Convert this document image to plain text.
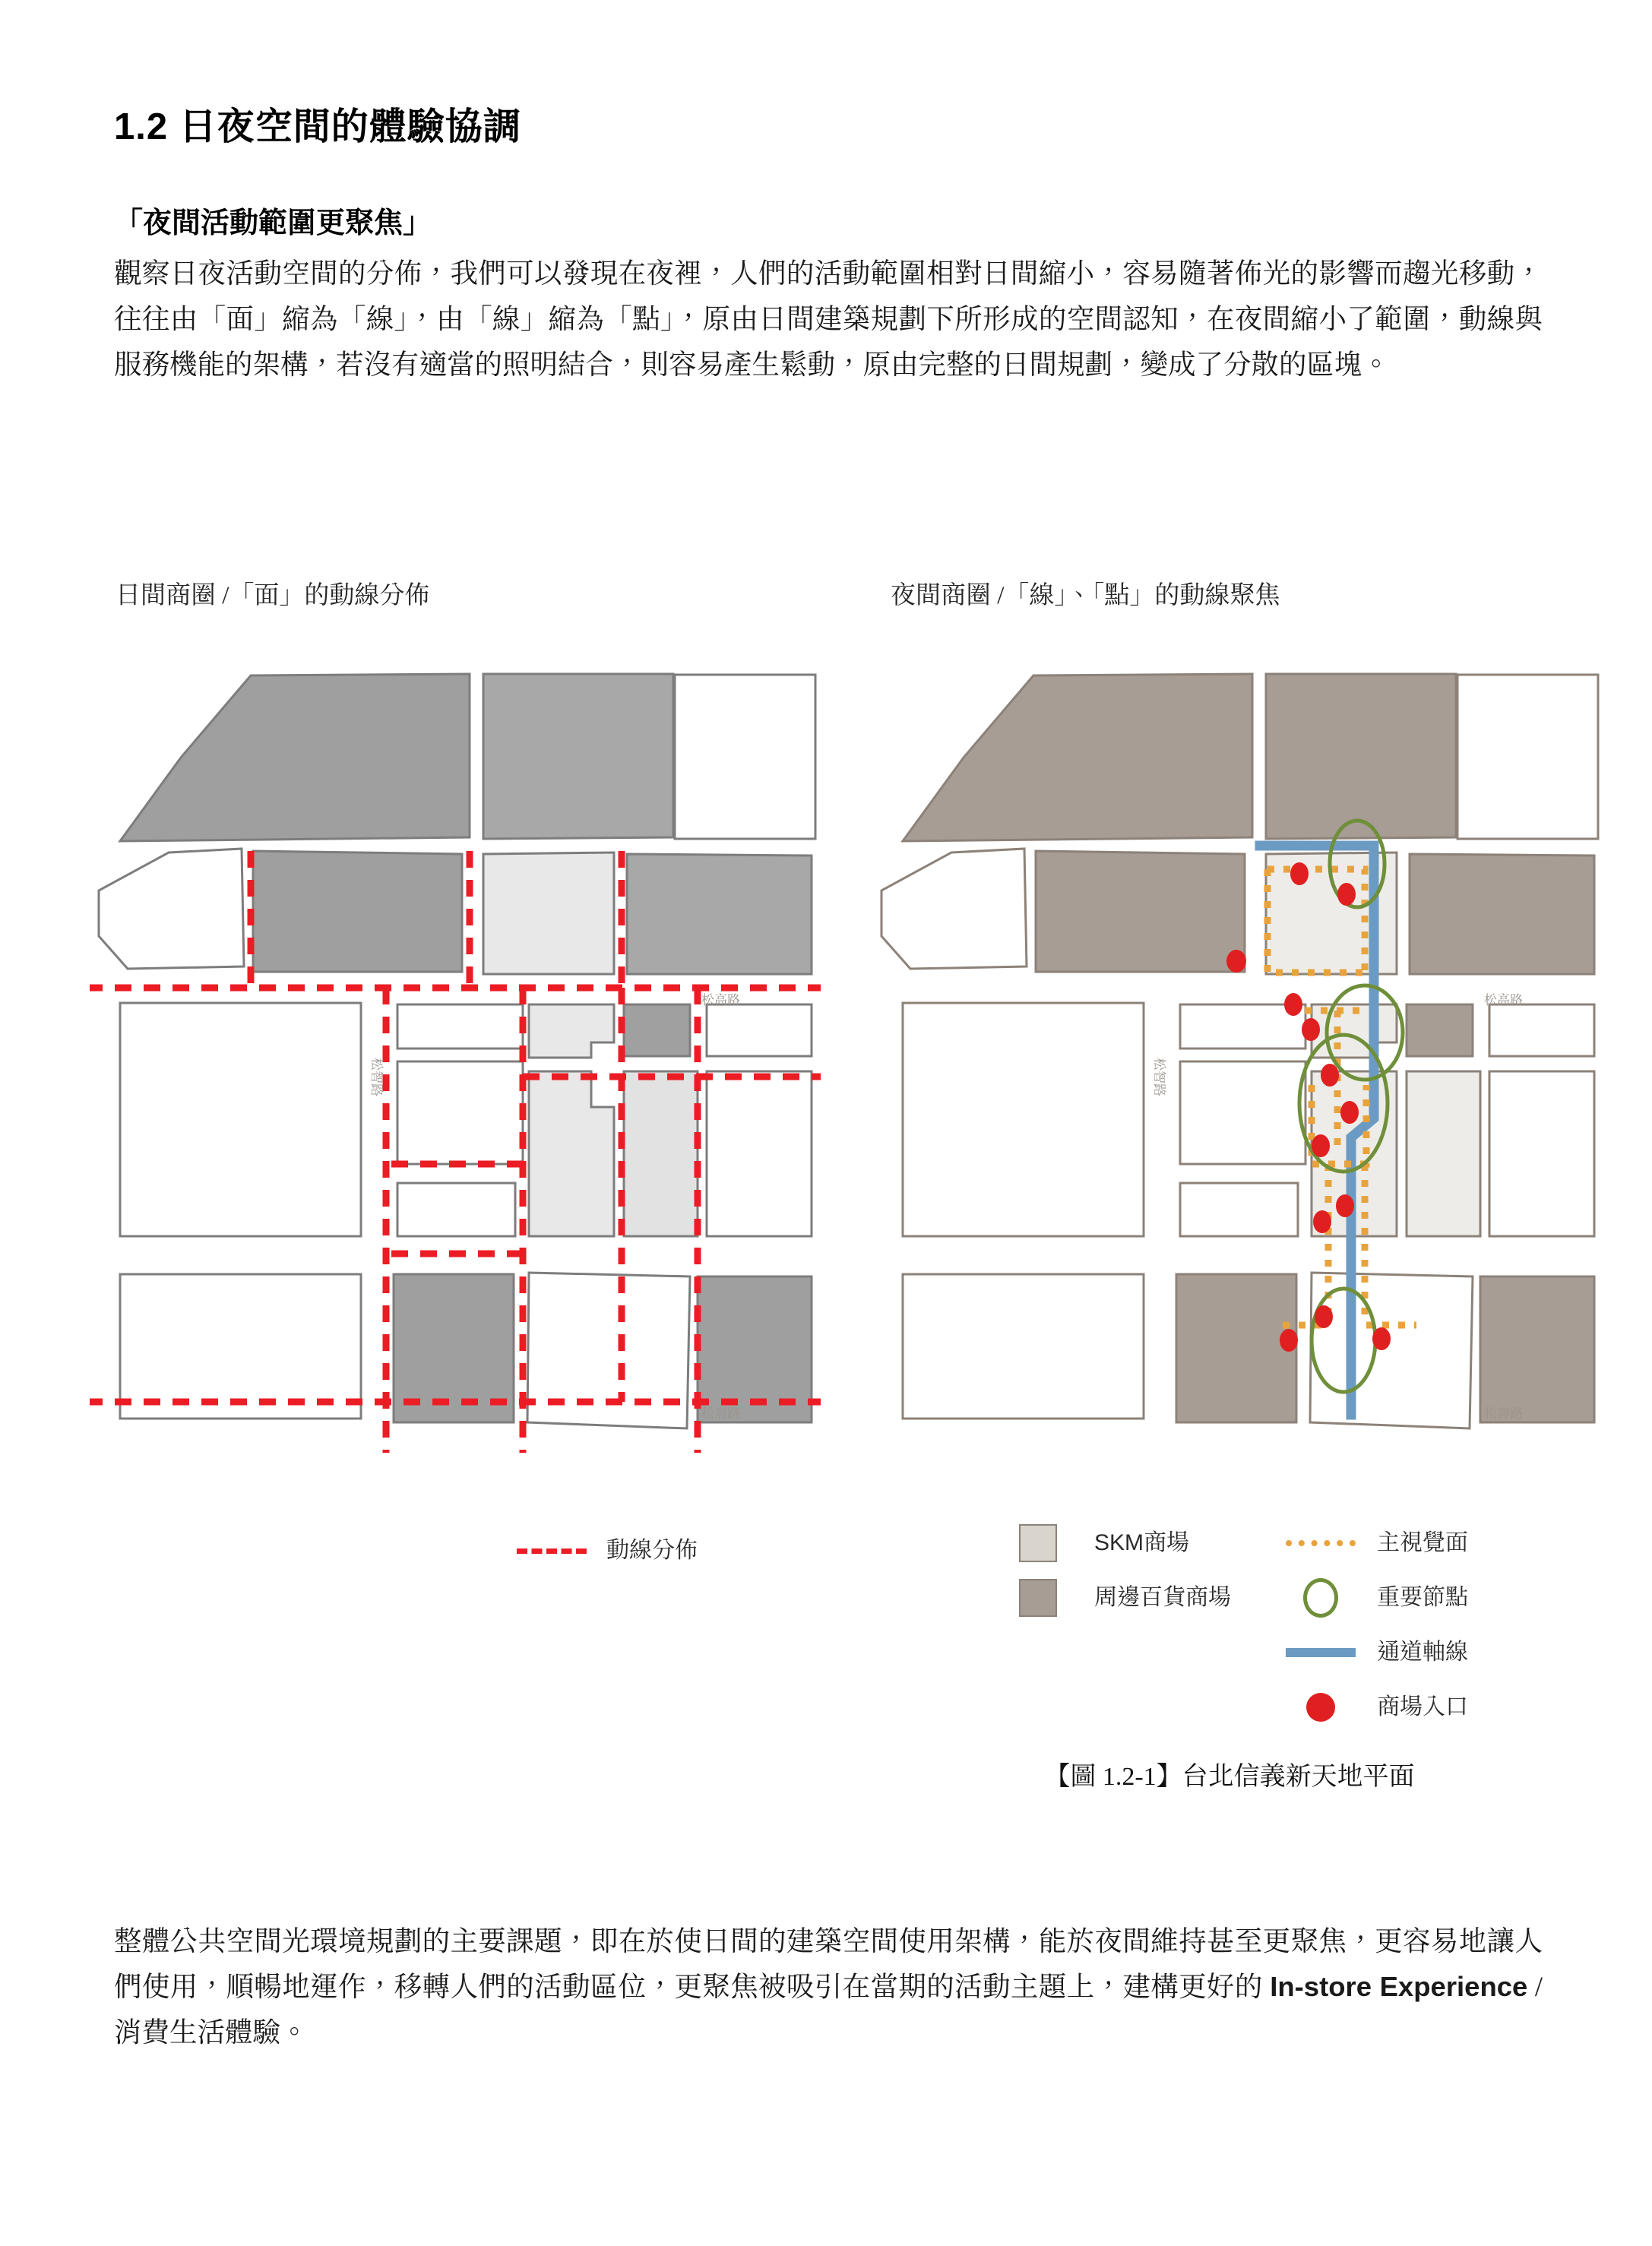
1.2 日夜空間的體驗協調
「夜間活動範圍更聚焦」
觀察日夜活動空間的分佈，我們可以發現在夜裡，人們的活動範圍相對日間縮小，容易隨著佈光的影響而趨光移動，往往由「面」縮為「線」，由「線」縮為「點」，原由日間建築規劃下所形成的空間認知，在夜間縮小了範圍，動線與服務機能的架構，若沒有適當的照明結合，則容易產生鬆動，原由完整的日間規劃，變成了分散的區塊。
日間商圈 /「面」的動線分佈	夜間商圈 /「線」、「點」的動線聚焦
松高路
松壽路
松智路
松高路
松壽路
松智路
動線分佈	SKM商場
周邊百貨商場
主視覺面
重要節點
通道軸線
商場入口
【圖 1.2-1】台北信義新天地平面
整體公共空間光環境規劃的主要課題，即在於使日間的建築空間使用架構，能於夜間維持甚至更聚焦，更容易地讓人們使用，順暢地運作，移轉人們的活動區位，更聚焦被吸引在當期的活動主題上，建構更好的 In-store Experience / 消費生活體驗。
